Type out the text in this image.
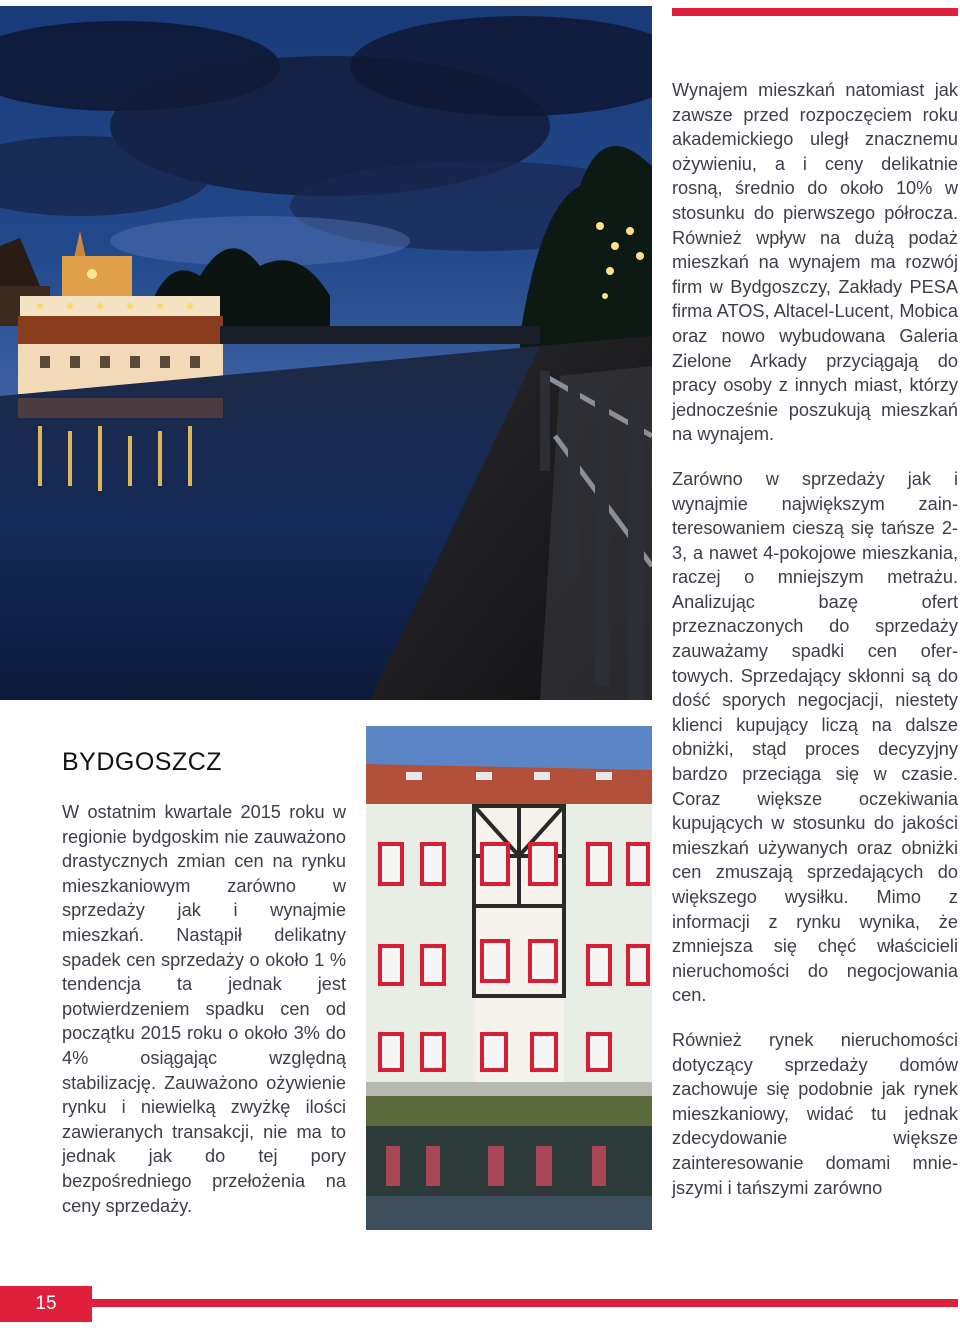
BYDGOSZCZ

W ostatnim kwartale 2015 roku w regionie bydgoskim nie zauważono drastycznych zmian cen na rynku mieszkaniowym zarówno w sprzedaży jak i wynajmie mieszkań. Nastąpił delikatny spadek cen sprzedaży o około 1 % tendencja ta jednak jest potwierdzeniem spadku cen od początku 2015 roku o około 3% do 4% osiągając względną stabilizację. Zauważono ożywienie rynku i niewielką zwyżkę ilości zawieranych transakcji, nie ma to jednak jak do tej pory bezpośredniego przełożenia na ceny sprzedaży.

Wynajem mieszkań natomiast jak zawsze przed rozpoczęciem roku akademickiego uległ znacznemu ożywieniu, a i ceny delikatnie rosną, średnio do około 10% w stosunku do pierwszego półrocza. Również wpływ na dużą podaż mieszkań na wynajem ma rozwój firm w Bydgoszczy, Zakłady PESA firma ATOS, Altacel-Lucent, Mobica oraz nowo wybudowana Galeria Zielone Arkady przyciągają do pracy osoby z innych miast, którzy jednocześnie poszukują mieszkań na wynajem.

Zarówno w sprzedaży jak i wynajmie największym zainteresowaniem cieszą się tańsze 2-3, a nawet 4-pokojowe mieszkania, raczej o mniejszym metrażu. Analizując bazę ofert przeznaczonych do sprzedaży zauważamy spadki cen ofertowych. Sprzedający skłonni są do dość sporych negocjacji, niestety klienci kupujący liczą na dalsze obniżki, stąd proces decyzyjny bardzo przeciąga się w czasie. Coraz większe oczekiwania kupujących w stosunku do jakości mieszkań używanych oraz obniżki cen zmuszają sprzedających do większego wysiłku. Mimo z informacji z rynku wynika, że zmniejsza się chęć właścicieli nieruchomości do negocjowania cen.

Również rynek nieruchomości dotyczący sprzedaży domów zachowuje się podobnie jak rynek mieszkaniowy, widać tu jednak zdecydowanie większe zainteresowanie domami mniejszymi i tańszymi zarówno

15
